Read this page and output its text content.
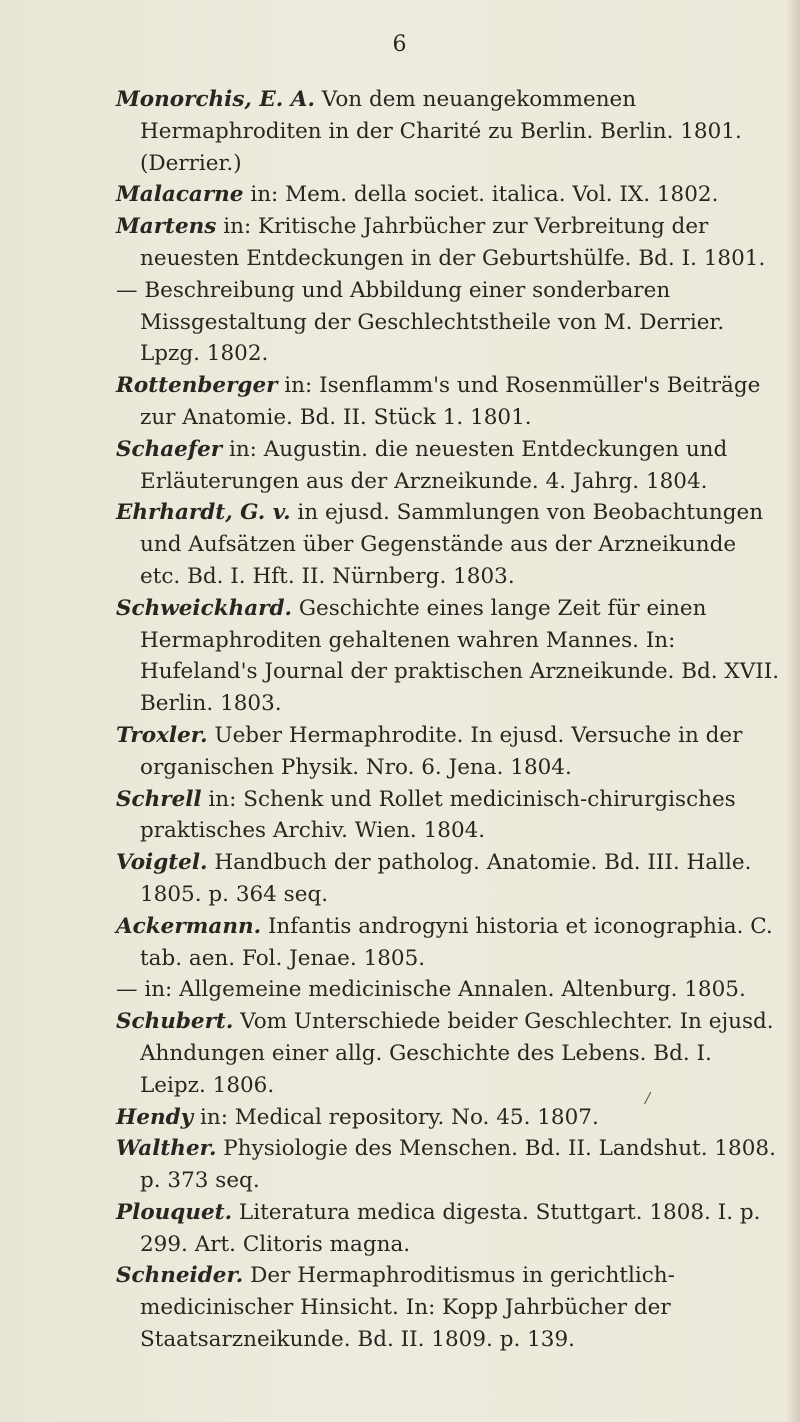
6

Monorchis, E. A. Von dem neuangekommenen Hermaphroditen in der Charité zu Berlin. Berlin. 1801. (Derrier.)

Malacarne in: Mem. della societ. italica. Vol. IX. 1802.

Martens in: Kritische Jahrbücher zur Verbreitung der neuesten Entdeckungen in der Geburtshülfe. Bd. I. 1801.

— Beschreibung und Abbildung einer sonderbaren Missgestaltung der Geschlechtstheile von M. Derrier. Lpzg. 1802.

Rottenberger in: Isenflamm's und Rosenmüller's Beiträge zur Anatomie. Bd. II. Stück 1. 1801.

Schaefer in: Augustin. die neuesten Entdeckungen und Erläuterungen aus der Arzneikunde. 4. Jahrg. 1804.

Ehrhardt, G. v. in ejusd. Sammlungen von Beobachtungen und Aufsätzen über Gegenstände aus der Arzneikunde etc. Bd. I. Hft. II. Nürnberg. 1803.

Schweickhard. Geschichte eines lange Zeit für einen Hermaphroditen gehaltenen wahren Mannes. In: Hufeland's Journal der praktischen Arzneikunde. Bd. XVII. Berlin. 1803.

Troxler. Ueber Hermaphrodite. In ejusd. Versuche in der organischen Physik. Nro. 6. Jena. 1804.

Schrell in: Schenk und Rollet medicinisch-chirurgisches praktisches Archiv. Wien. 1804.

Voigtel. Handbuch der patholog. Anatomie. Bd. III. Halle. 1805. p. 364 seq.

Ackermann. Infantis androgyni historia et iconographia. C. tab. aen. Fol. Jenae. 1805.

— in: Allgemeine medicinische Annalen. Altenburg. 1805.

Schubert. Vom Unterschiede beider Geschlechter. In ejusd. Ahndungen einer allg. Geschichte des Lebens. Bd. I. Leipz. 1806.

Hendy in: Medical repository. No. 45. 1807.

Walther. Physiologie des Menschen. Bd. II. Landshut. 1808. p. 373 seq.

Plouquet. Literatura medica digesta. Stuttgart. 1808. I. p. 299. Art. Clitoris magna.

Schneider. Der Hermaphroditismus in gerichtlich-medicinischer Hinsicht. In: Kopp Jahrbücher der Staatsarzneikunde. Bd. II. 1809. p. 139.

/
